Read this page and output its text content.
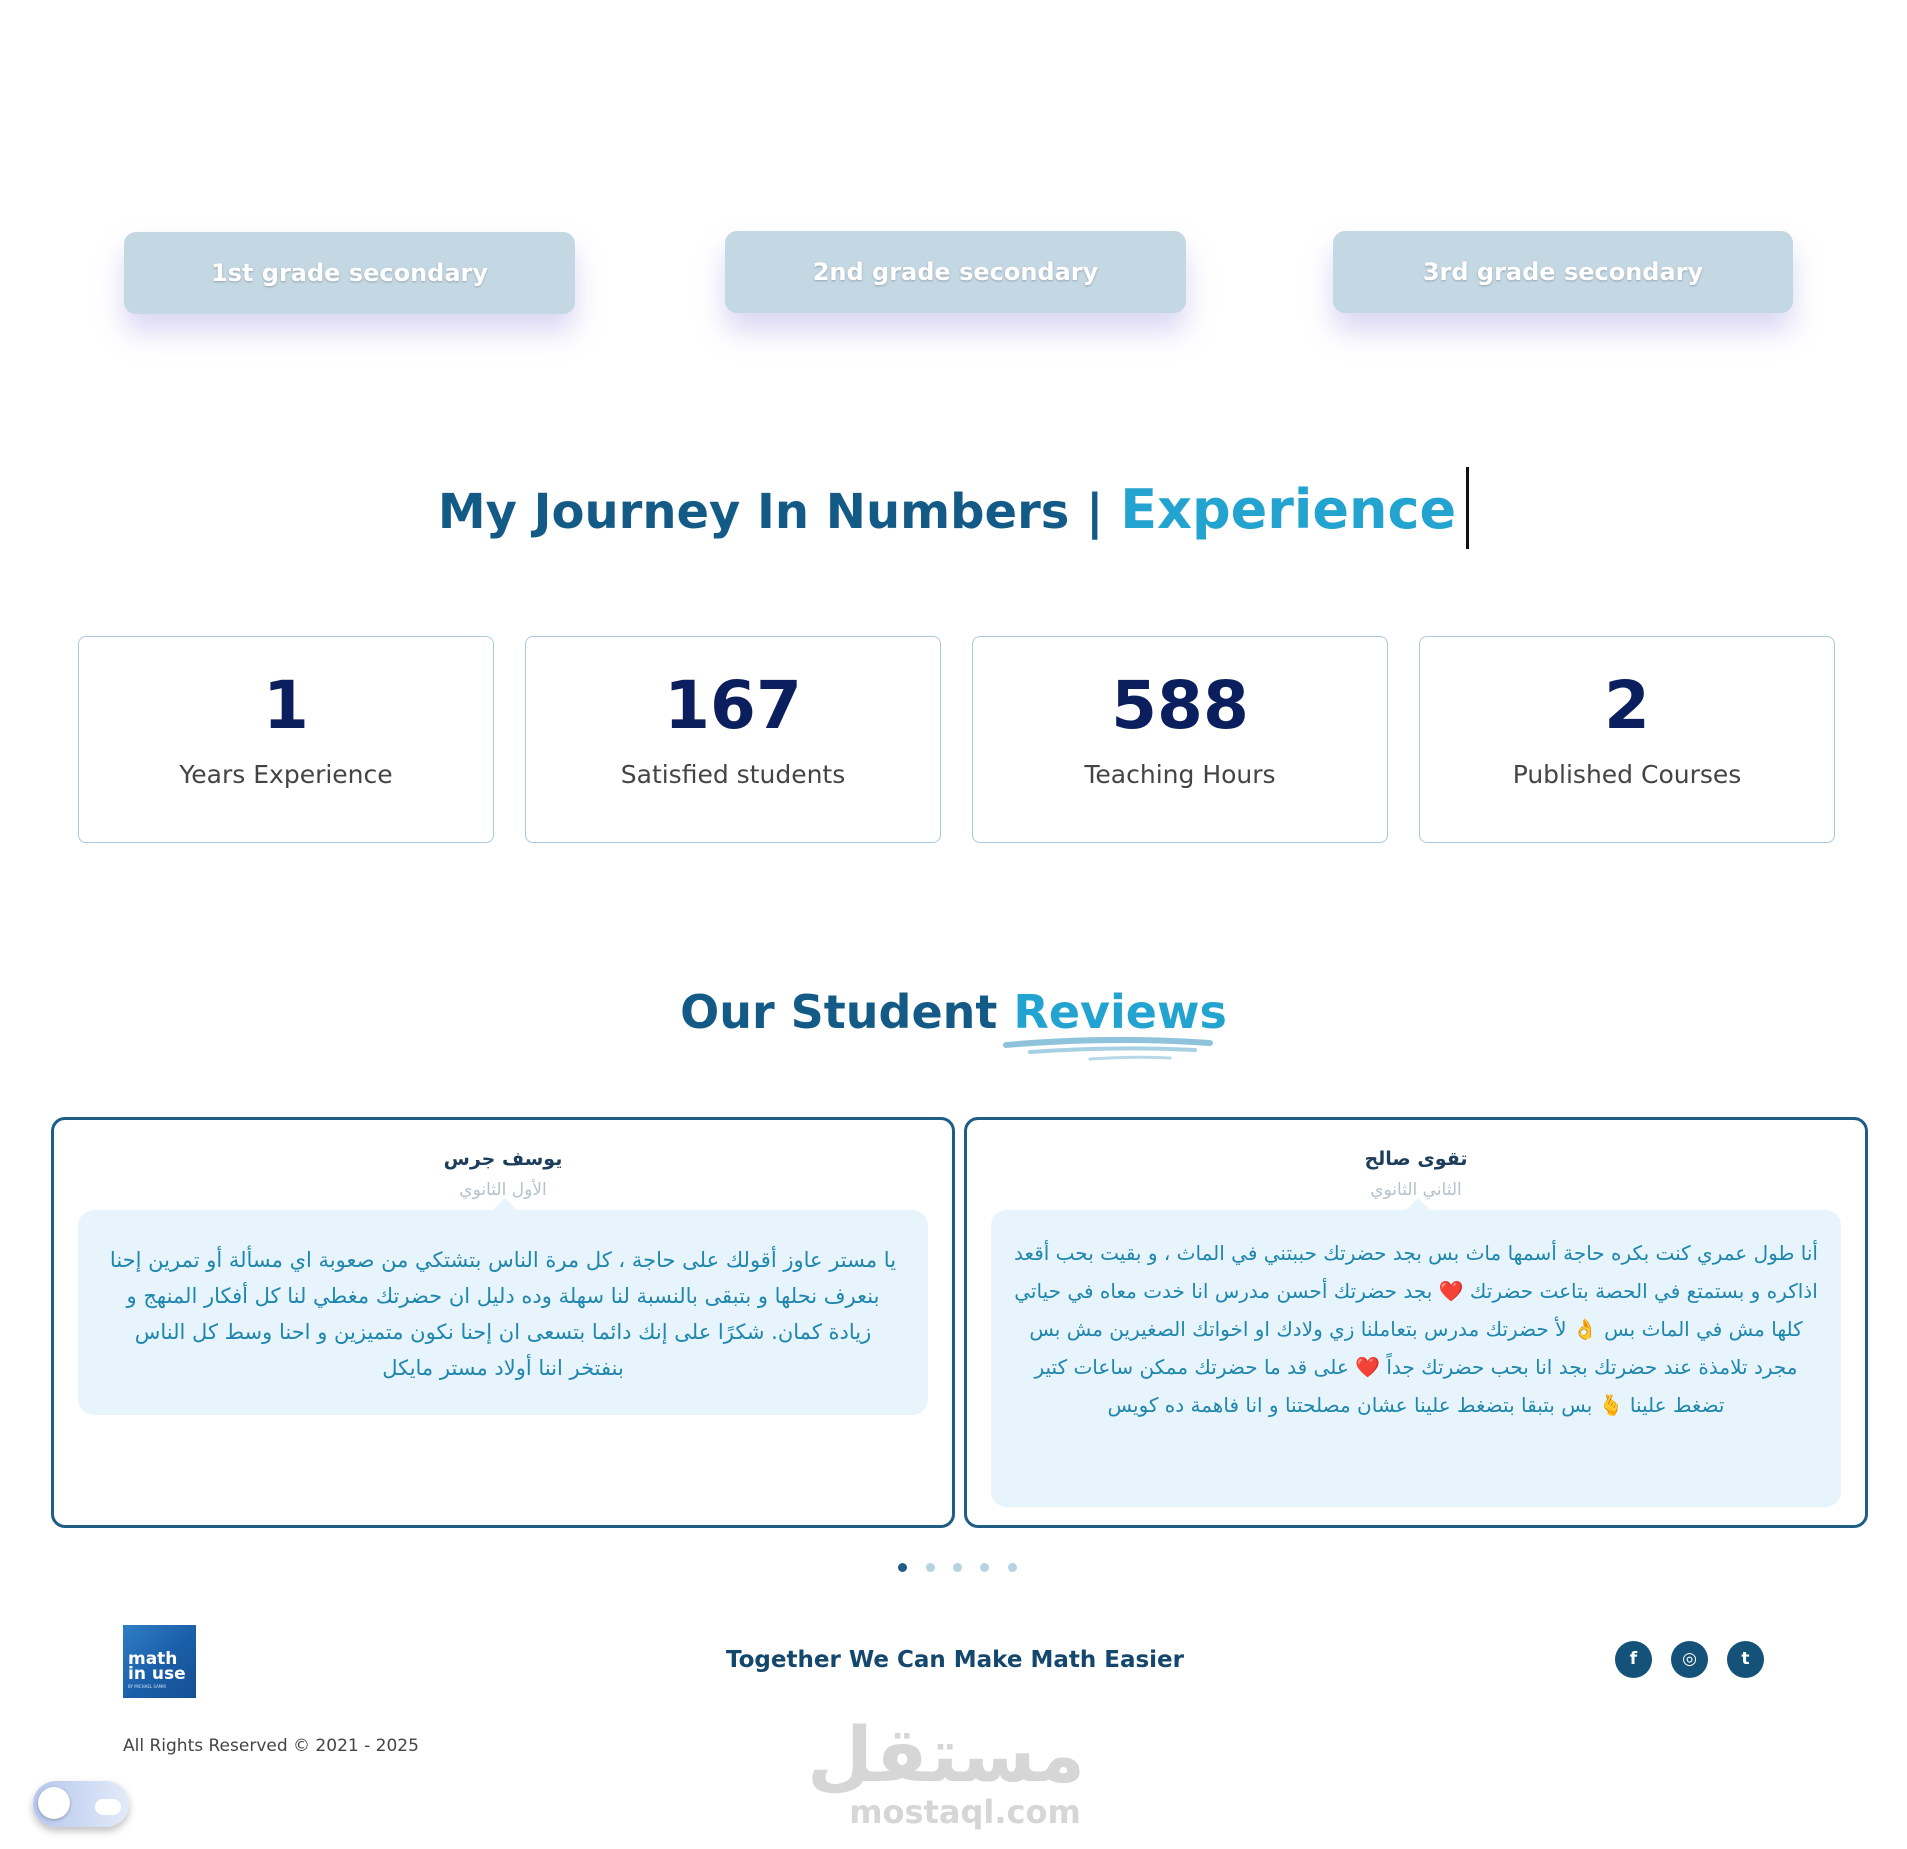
1st grade secondary	2nd grade secondary	3rd grade secondary
My Journey In Numbers | Experience
1
Years Experience
167
Satisfied students
588
Teaching Hours
2
Published Courses
Our Student Reviews
يوسف جرس
الأول الثانوي
يا مستر عاوز أقولك على حاجة ، كل مرة الناس بتشتكي من صعوبة اي مسألة أو تمرين إحنا بنعرف نحلها و بتبقى بالنسبة لنا سهلة وده دليل ان حضرتك مغطي لنا كل أفكار المنهج و زيادة كمان. شكرًا على إنك دائما بتسعى ان إحنا نكون متميزين و احنا وسط كل الناس بنفتخر اننا أولاد مستر مايكل
تقوى صالح
الثاني الثانوي
أنا طول عمري كنت بكره حاجة أسمها ماث بس بجد حضرتك حببتني في الماث ، و بقيت بحب أقعد اذاكره و بستمتع في الحصة بتاعت حضرتك ❤️ بجد حضرتك أحسن مدرس انا خدت معاه في حياتي كلها مش في الماث بس 👌 لأ حضرتك مدرس بتعاملنا زي ولادك او اخواتك الصغيرين مش بس مجرد تلامذة عند حضرتك بجد انا بحب حضرتك جداً ❤️ على قد ما حضرتك ممكن ساعات كتير تضغط علينا 🫰 بس بتبقا بتضغط علينا عشان مصلحتنا و انا فاهمة ده كويس
math in use
BY MICHAEL SAMIR
Together We Can Make Math Easier	f	◎	t
All Rights Reserved © 2021 - 2025	مستقل
mostaql.com
